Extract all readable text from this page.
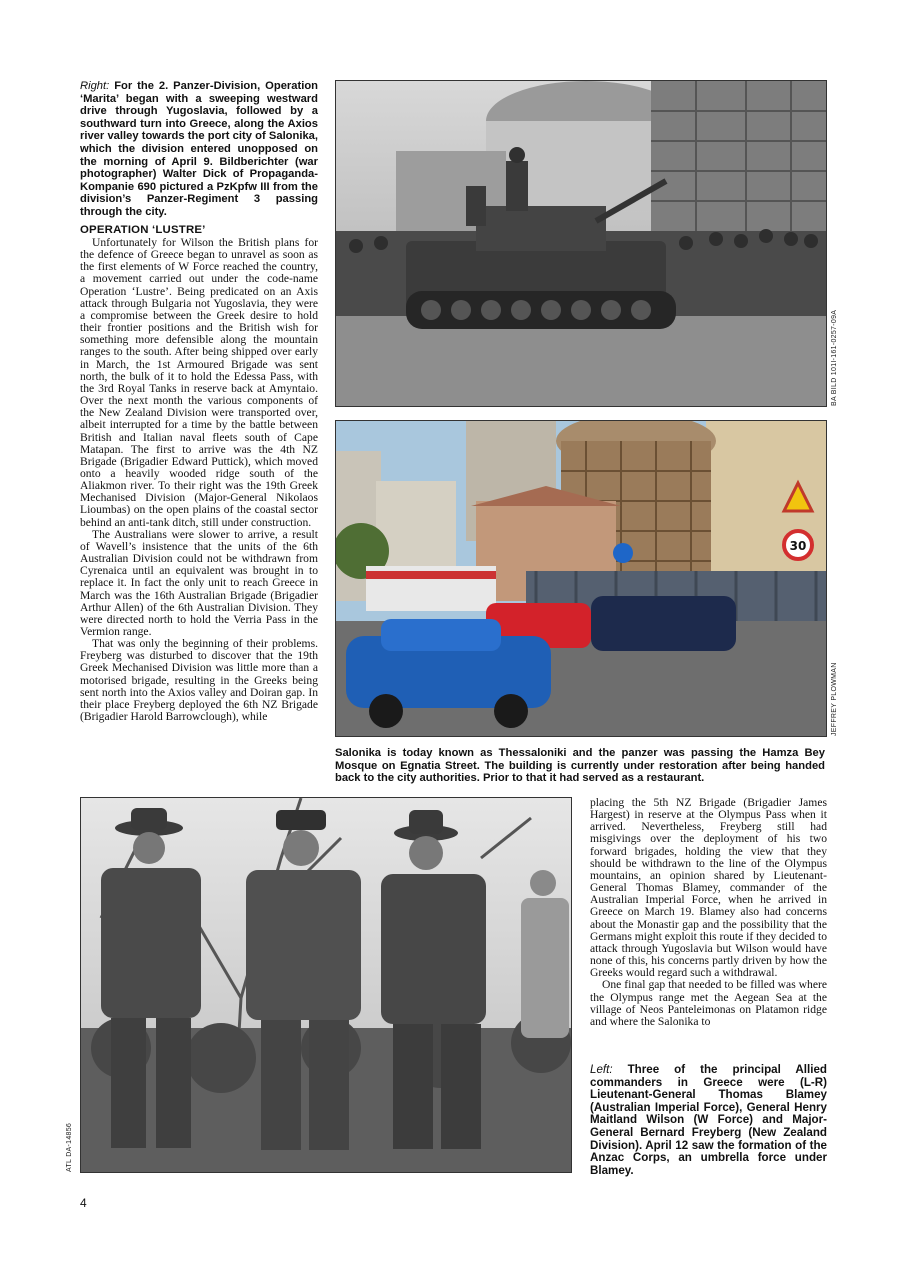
Right: For the 2. Panzer-Division, Operation ‘Marita’ began with a sweeping westward drive through Yugoslavia, followed by a southward turn into Greece, along the Axios river valley towards the port city of Salonika, which the division entered unopposed on the morning of April 9. Bildberichter (war photographer) Walter Dick of Propaganda-Kompanie 690 pictured a PzKpfw III from the division’s Panzer-Regiment 3 passing through the city.
OPERATION ‘LUSTRE’

Unfortunately for Wilson the British plans for the defence of Greece began to unravel as soon as the first elements of W Force reached the country, a movement carried out under the code-name Operation ‘Lustre’. Being predicated on an Axis attack through Bulgaria not Yugoslavia, they were a compromise between the Greek desire to hold their frontier positions and the British wish for something more defensible along the mountain ranges to the south. After being shipped over early in March, the 1st Armoured Brigade was sent north, the bulk of it to hold the Edessa Pass, with the 3rd Royal Tanks in reserve back at Amyntaio. Over the next month the various components of the New Zealand Division were transported over, albeit interrupted for a time by the battle between British and Italian naval fleets south of Cape Matapan. The first to arrive was the 4th NZ Brigade (Brigadier Edward Puttick), which moved onto a heavily wooded ridge south of the Aliakmon river. To their right was the 19th Greek Mechanised Division (Major-General Nikolaos Lioumbas) on the open plains of the coastal sector behind an anti-tank ditch, still under construction.

The Australians were slower to arrive, a result of Wavell’s insistence that the units of the 6th Australian Division could not be withdrawn from Cyrenaica until an equivalent was brought in to replace it. In fact the only unit to reach Greece in March was the 16th Australian Brigade (Brigadier Arthur Allen) of the 6th Australian Division. They were directed north to hold the Verria Pass in the Vermion range.

That was only the beginning of their problems. Freyberg was disturbed to discover that the 19th Greek Mechanised Division was little more than a motorised brigade, resulting in the Greeks being sent north into the Axios valley and Doiran gap. In their place Freyberg deployed the 6th NZ Brigade (Brigadier Harold Barrowclough), while

BA BILD 101I-161-0257-09A
30
JEFFREY PLOWMAN
Salonika is today known as Thessaloniki and the panzer was passing the Hamza Bey Mosque on Egnatia Street. The building is currently under restoration after being handed back to the city authorities. Prior to that it had served as a restaurant.
ATL DA-14856

placing the 5th NZ Brigade (Brigadier James Hargest) in reserve at the Olympus Pass when it arrived. Nevertheless, Freyberg still had misgivings over the deployment of his two forward brigades, holding the view that they should be withdrawn to the line of the Olympus mountains, an opinion shared by Lieutenant-General Thomas Blamey, commander of the Australian Imperial Force, when he arrived in Greece on March 19. Blamey also had concerns about the Monastir gap and the possibility that the Germans might exploit this route if they decided to attack through Yugoslavia but Wilson would have none of this, his concerns partly driven by how the Greeks would regard such a withdrawal.

One final gap that needed to be filled was where the Olympus range met the Aegean Sea at the village of Neos Panteleimonas on Platamon ridge and where the Salonika to

Left: Three of the principal Allied commanders in Greece were (L-R) Lieutenant-General Thomas Blamey (Australian Imperial Force), General Henry Maitland Wilson (W Force) and Major-General Bernard Freyberg (New Zealand Division). April 12 saw the formation of the Anzac Corps, an umbrella force under Blamey.
4
